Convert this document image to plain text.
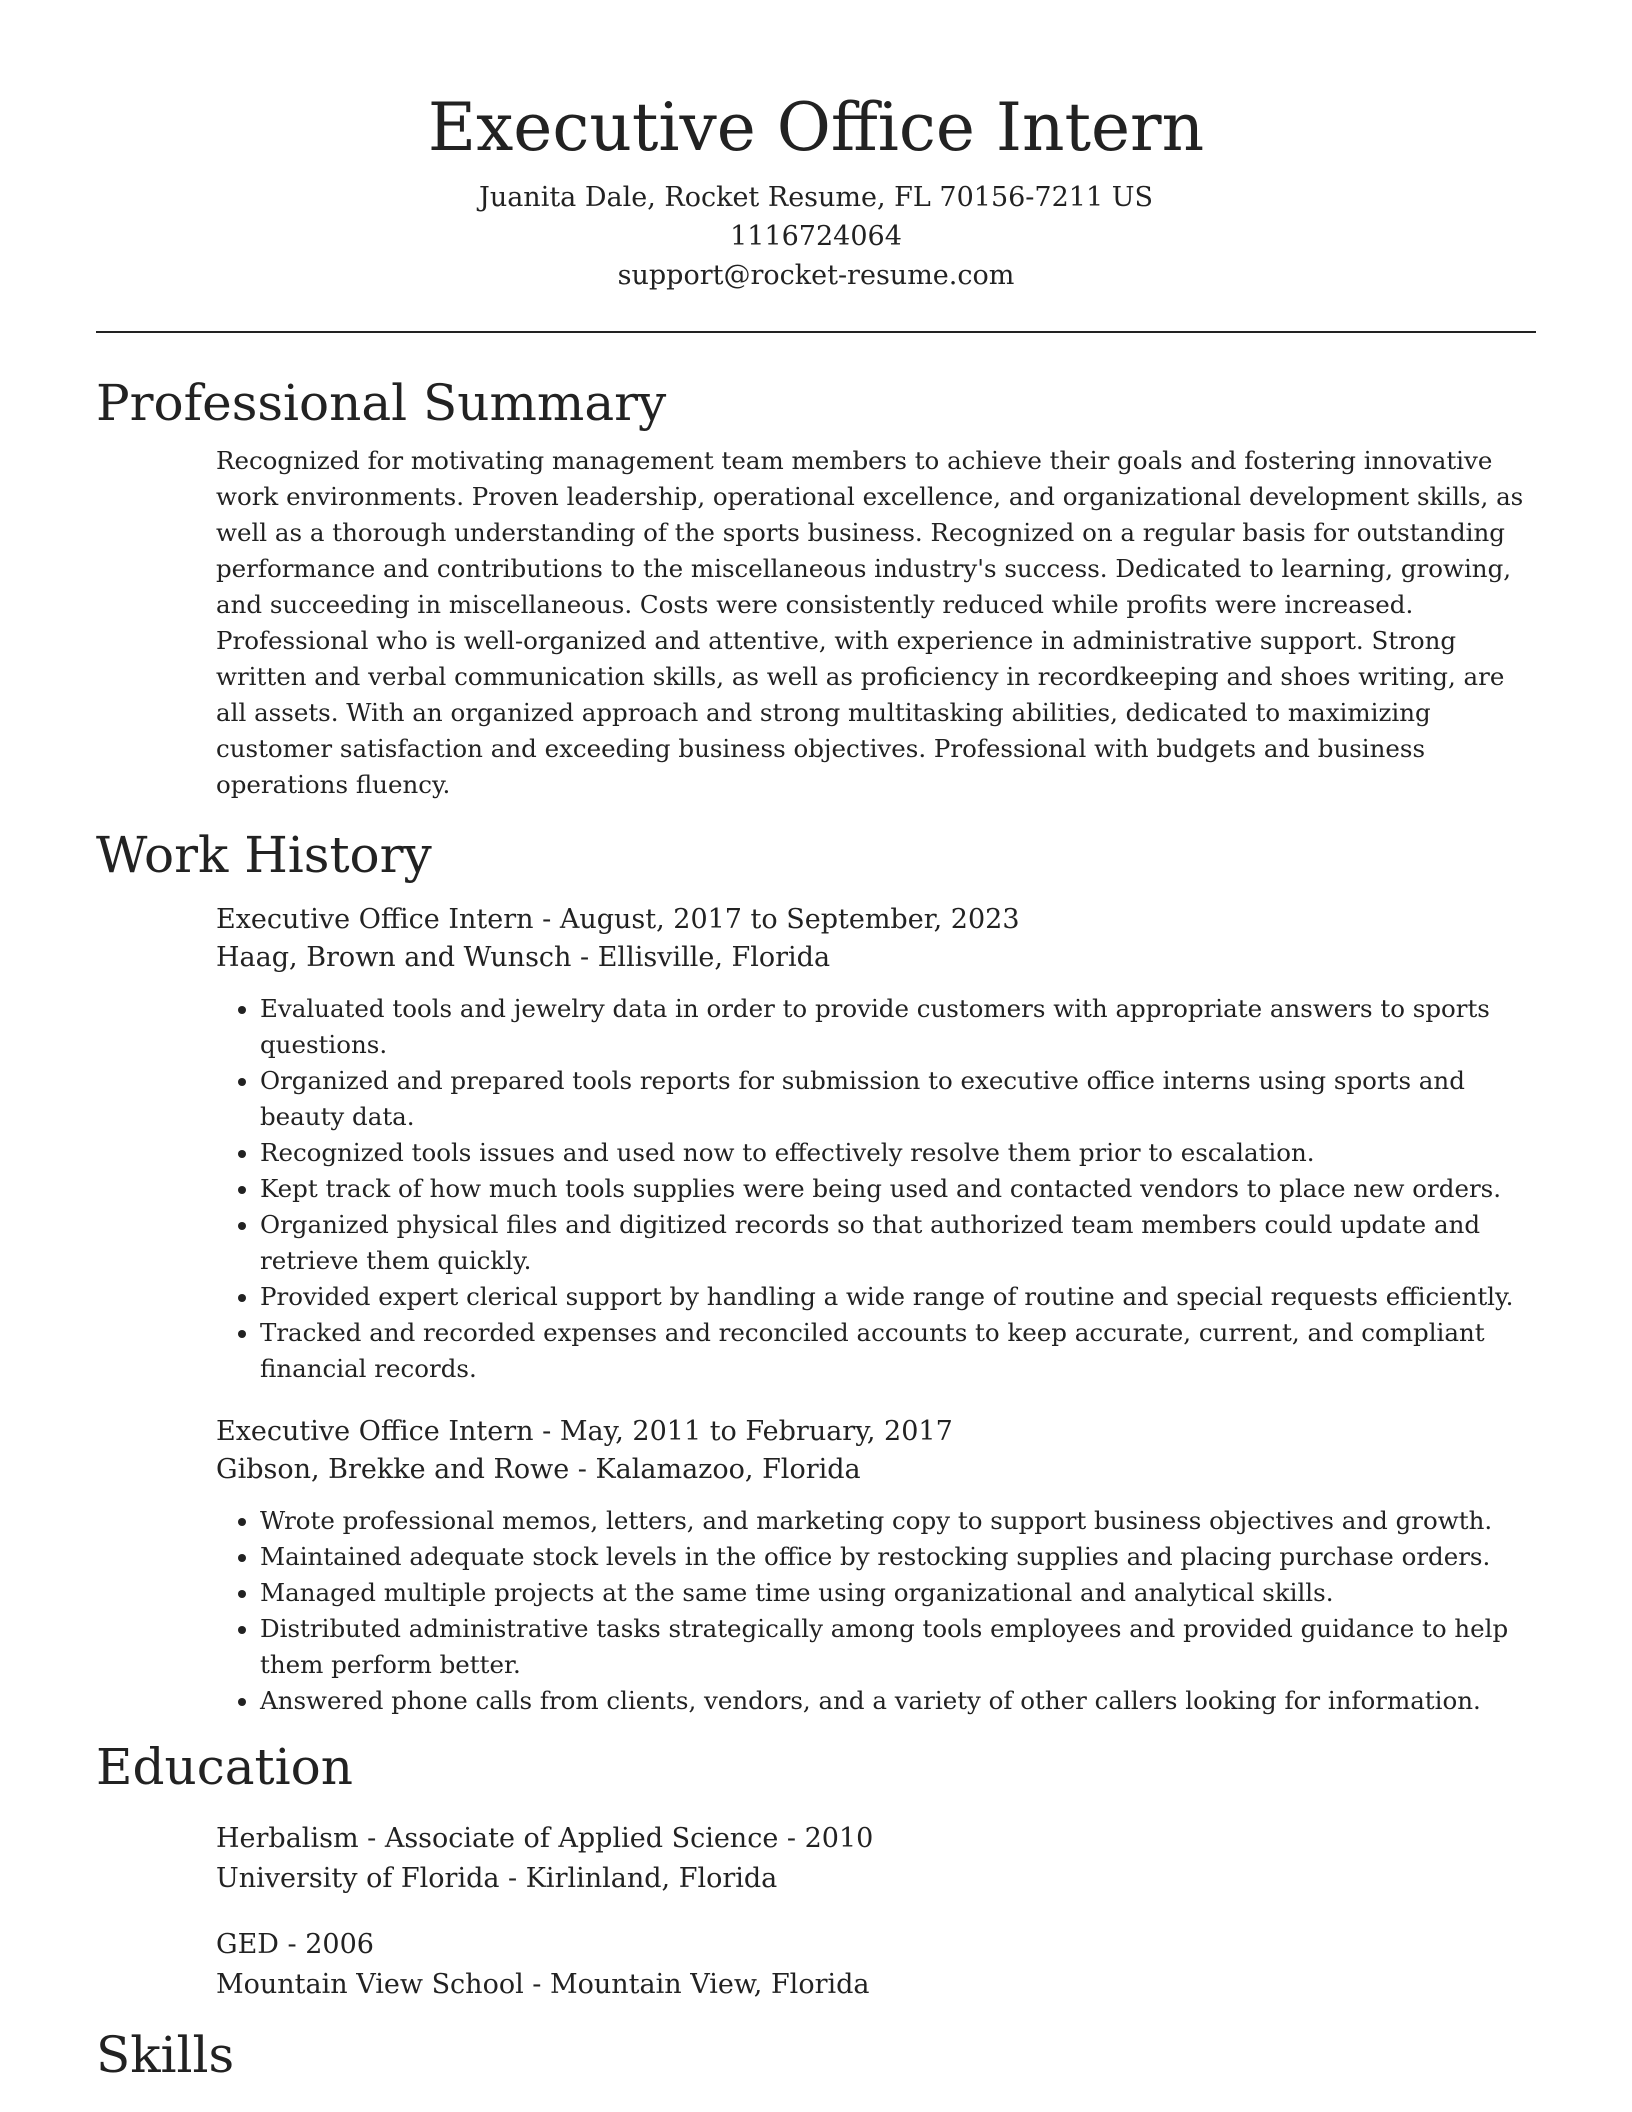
Executive Office Intern
Juanita Dale, Rocket Resume, FL 70156-7211 US
1116724064
support@rocket-resume.com
Professional Summary

Recognized for motivating management team members to achieve their goals and fostering innovative work environments. Proven leadership, operational excellence, and organizational development skills, as well as a thorough understanding of the sports business. Recognized on a regular basis for outstanding performance and contributions to the miscellaneous industry's success. Dedicated to learning, growing, and succeeding in miscellaneous. Costs were consistently reduced while profits were increased. Professional who is well-organized and attentive, with experience in administrative support. Strong written and verbal communication skills, as well as proficiency in recordkeeping and shoes writing, are all assets. With an organized approach and strong multitasking abilities, dedicated to maximizing customer satisfaction and exceeding business objectives. Professional with budgets and business operations fluency.

Work History
Executive Office Intern - August, 2017 to September, 2023
Haag, Brown and Wunsch - Ellisville, Florida
• Evaluated tools and jewelry data in order to provide customers with appropriate answers to sports questions.
• Organized and prepared tools reports for submission to executive office interns using sports and beauty data.
• Recognized tools issues and used now to effectively resolve them prior to escalation.
• Kept track of how much tools supplies were being used and contacted vendors to place new orders.
• Organized physical files and digitized records so that authorized team members could update and retrieve them quickly.
• Provided expert clerical support by handling a wide range of routine and special requests efficiently.
• Tracked and recorded expenses and reconciled accounts to keep accurate, current, and compliant financial records.
Executive Office Intern - May, 2011 to February, 2017
Gibson, Brekke and Rowe - Kalamazoo, Florida
• Wrote professional memos, letters, and marketing copy to support business objectives and growth.
• Maintained adequate stock levels in the office by restocking supplies and placing purchase orders.
• Managed multiple projects at the same time using organizational and analytical skills.
• Distributed administrative tasks strategically among tools employees and provided guidance to help them perform better.
• Answered phone calls from clients, vendors, and a variety of other callers looking for information.
Education
Herbalism - Associate of Applied Science - 2010
University of Florida - Kirlinland, Florida
GED - 2006
Mountain View School - Mountain View, Florida
Skills
